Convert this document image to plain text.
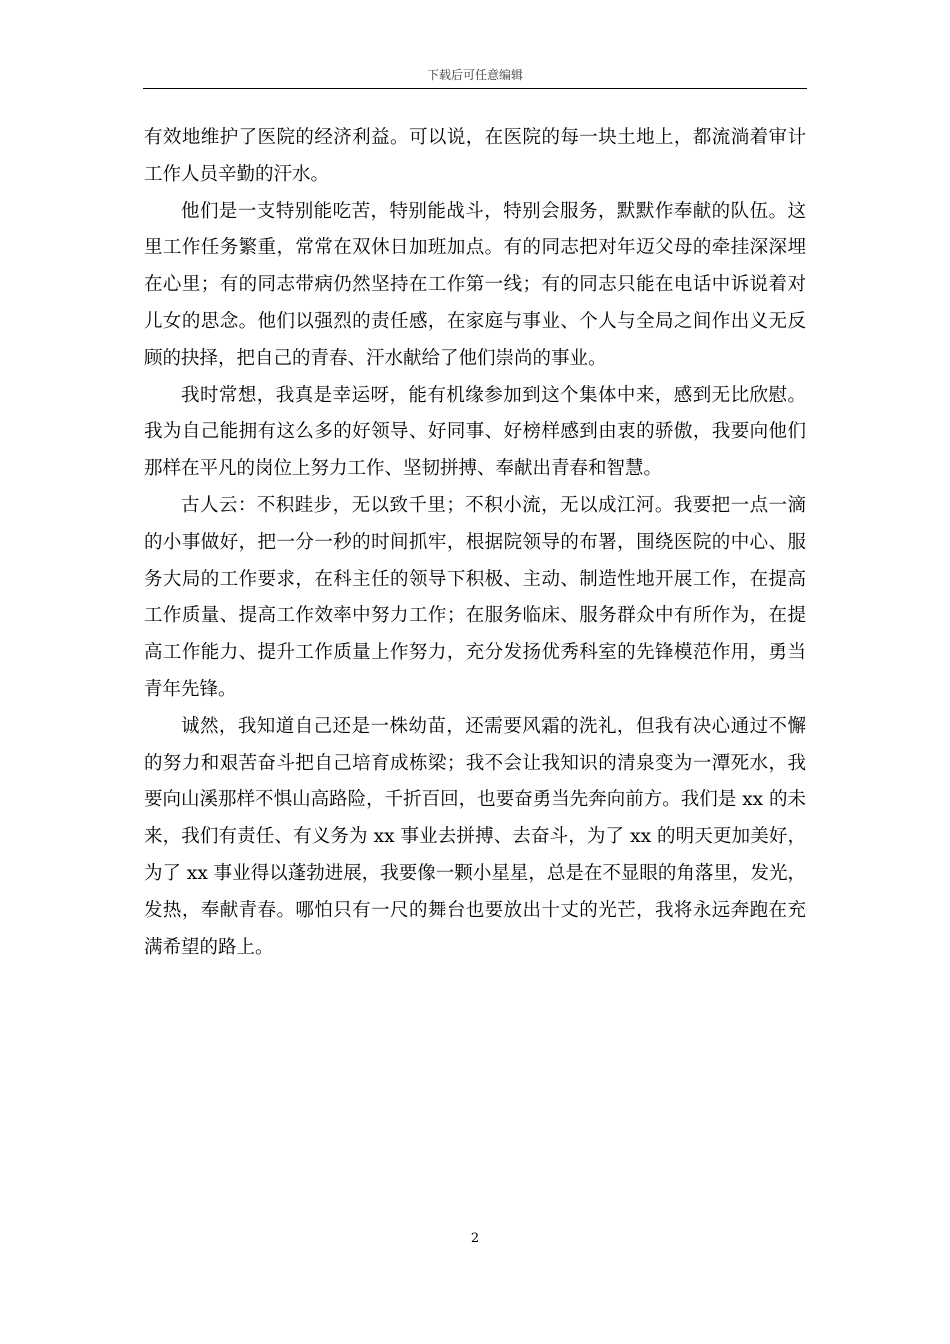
下载后可任意编辑

有效地维护了医院的经济利益。可以说，在医院的每一块土地上，都流淌着审计工作人员辛勤的汗水。

他们是一支特别能吃苦，特别能战斗，特别会服务，默默作奉献的队伍。这里工作任务繁重，常常在双休日加班加点。有的同志把对年迈父母的牵挂深深埋在心里；有的同志带病仍然坚持在工作第一线；有的同志只能在电话中诉说着对儿女的思念。他们以强烈的责任感，在家庭与事业、个人与全局之间作出义无反顾的抉择，把自己的青春、汗水献给了他们崇尚的事业。

我时常想，我真是幸运呀，能有机缘参加到这个集体中来，感到无比欣慰。我为自己能拥有这么多的好领导、好同事、好榜样感到由衷的骄傲，我要向他们那样在平凡的岗位上努力工作、坚韧拼搏、奉献出青春和智慧。

古人云：不积跬步，无以致千里；不积小流，无以成江河。我要把一点一滴的小事做好，把一分一秒的时间抓牢，根据院领导的布署，围绕医院的中心、服务大局的工作要求，在科主任的领导下积极、主动、制造性地开展工作，在提高工作质量、提高工作效率中努力工作；在服务临床、服务群众中有所作为，在提高工作能力、提升工作质量上作努力，充分发扬优秀科室的先锋模范作用，勇当青年先锋。

诚然，我知道自己还是一株幼苗，还需要风霜的洗礼，但我有决心通过不懈的努力和艰苦奋斗把自己培育成栋梁；我不会让我知识的清泉变为一潭死水，我要向山溪那样不惧山高路险，千折百回，也要奋勇当先奔向前方。我们是 xx 的未来，我们有责任、有义务为 xx 事业去拼搏、去奋斗，为了 xx 的明天更加美好，为了 xx 事业得以蓬勃进展，我要像一颗小星星，总是在不显眼的角落里，发光，发热，奉献青春。哪怕只有一尺的舞台也要放出十丈的光芒，我将永远奔跑在充满希望的路上。

2
